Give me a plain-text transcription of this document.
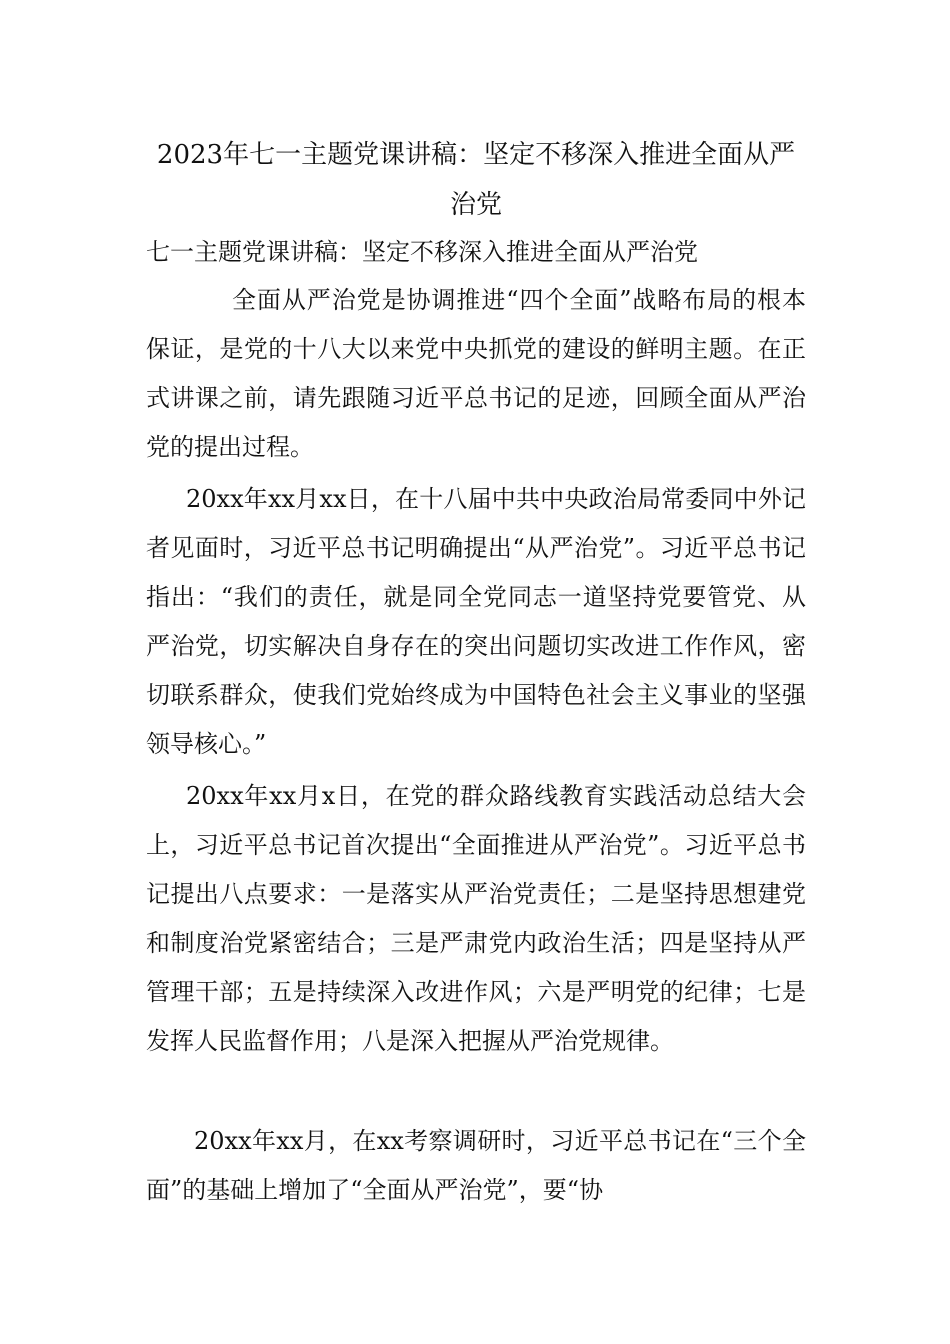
2023年七一主题党课讲稿：坚定不移深入推进全面从严治党

七一主题党课讲稿：坚定不移深入推进全面从严治党

全面从严治党是协调推进“四个全面”战略布局的根本保证，是党的十八大以来党中央抓党的建设的鲜明主题。在正式讲课之前，请先跟随习近平总书记的足迹，回顾全面从严治党的提出过程。

20xx年xx月xx日，在十八届中共中央政治局常委同中外记者见面时，习近平总书记明确提出“从严治党”。习近平总书记指出：“我们的责任，就是同全党同志一道坚持党要管党、从严治党，切实解决自身存在的突出问题切实改进工作作风，密切联系群众，使我们党始终成为中国特色社会主义事业的坚强领导核心。”

20xx年xx月x日，在党的群众路线教育实践活动总结大会上，习近平总书记首次提出“全面推进从严治党”。习近平总书记提出八点要求：一是落实从严治党责任；二是坚持思想建党和制度治党紧密结合；三是严肃党内政治生活；四是坚持从严管理干部；五是持续深入改进作风；六是严明党的纪律；七是发挥人民监督作用；八是深入把握从严治党规律。

20xx年xx月，在xx考察调研时，习近平总书记在“三个全面”的基础上增加了“全面从严治党”，要“协
